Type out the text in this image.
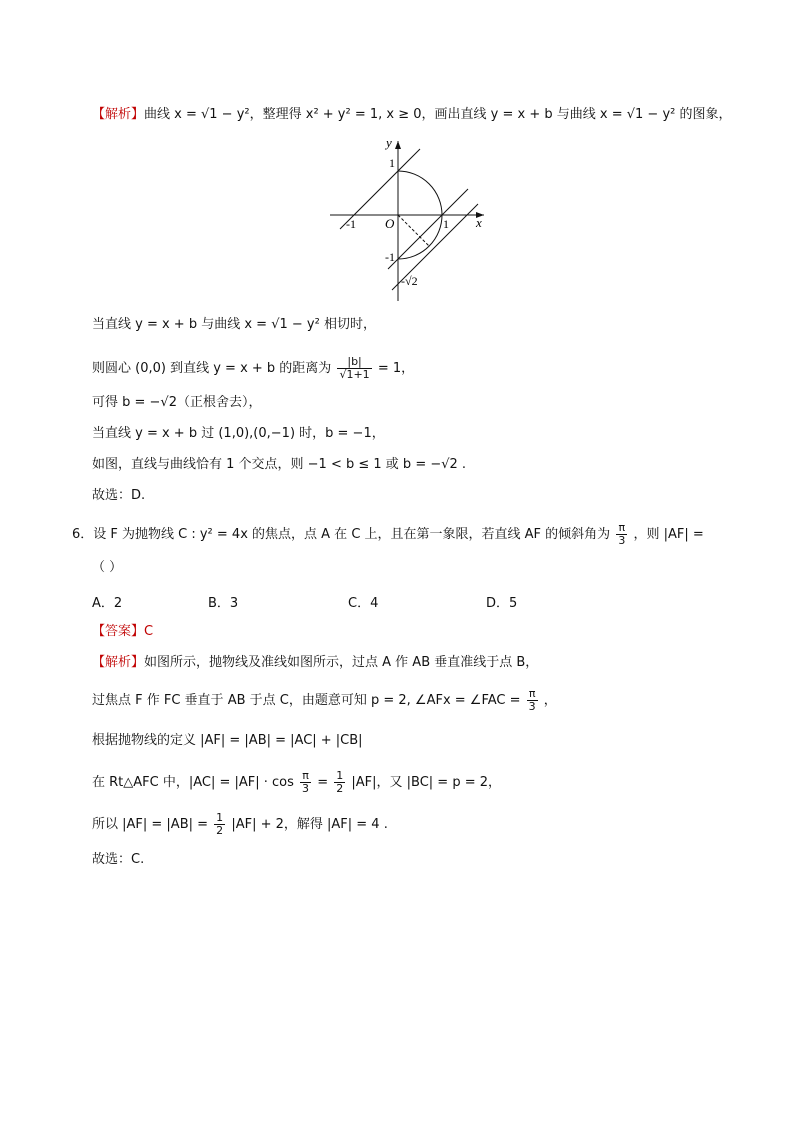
【解析】曲线 x = √1 − y²，整理得 x² + y² = 1, x ≥ 0，画出直线 y = x + b 与曲线 x = √1 − y² 的图象，
y
x
O
1
-1	1
-1
-√2
当直线 y = x + b 与曲线 x = √1 − y² 相切时，
则圆心 (0,0) 到直线 y = x + b 的距离为 $\frac{|b|}{√1+1} = 1$，
可得 b = −√2（正根舍去），
当直线 y = x + b 过 (1,0),(0,−1) 时，b = −1，
如图，直线与曲线恰有 1 个交点，则 −1 < b ≤ 1 或 b = −√2 .
故选：D.
6．设 F 为抛物线 C : y² = 4x 的焦点，点 A 在 C 上，且在第一象限，若直线 AF 的倾斜角为 $\frac{\pi}{3}$ ，则 |AF| =
（ ）
A．2	B．3	C．4	D．5
【答案】C
【解析】如图所示，抛物线及准线如图所示，过点 A 作 AB 垂直准线于点 B，
过焦点 F 作 FC 垂直于 AB 于点 C，由题意可知 p = 2, ∠AFx = ∠FAC = $\frac{\pi}{3}$ ，
根据抛物线的定义 |AF| = |AB| = |AC| + |CB|
在 Rt△AFC 中，$|AC| = |AF| \cdot \cos \frac{\pi}{3} = \frac{1}{2} |AF|$，又 |BC| = p = 2，
所以 $|AF| = |AB| = \frac{1}{2} |AF| + 2$，解得 |AF| = 4 .
故选：C.
